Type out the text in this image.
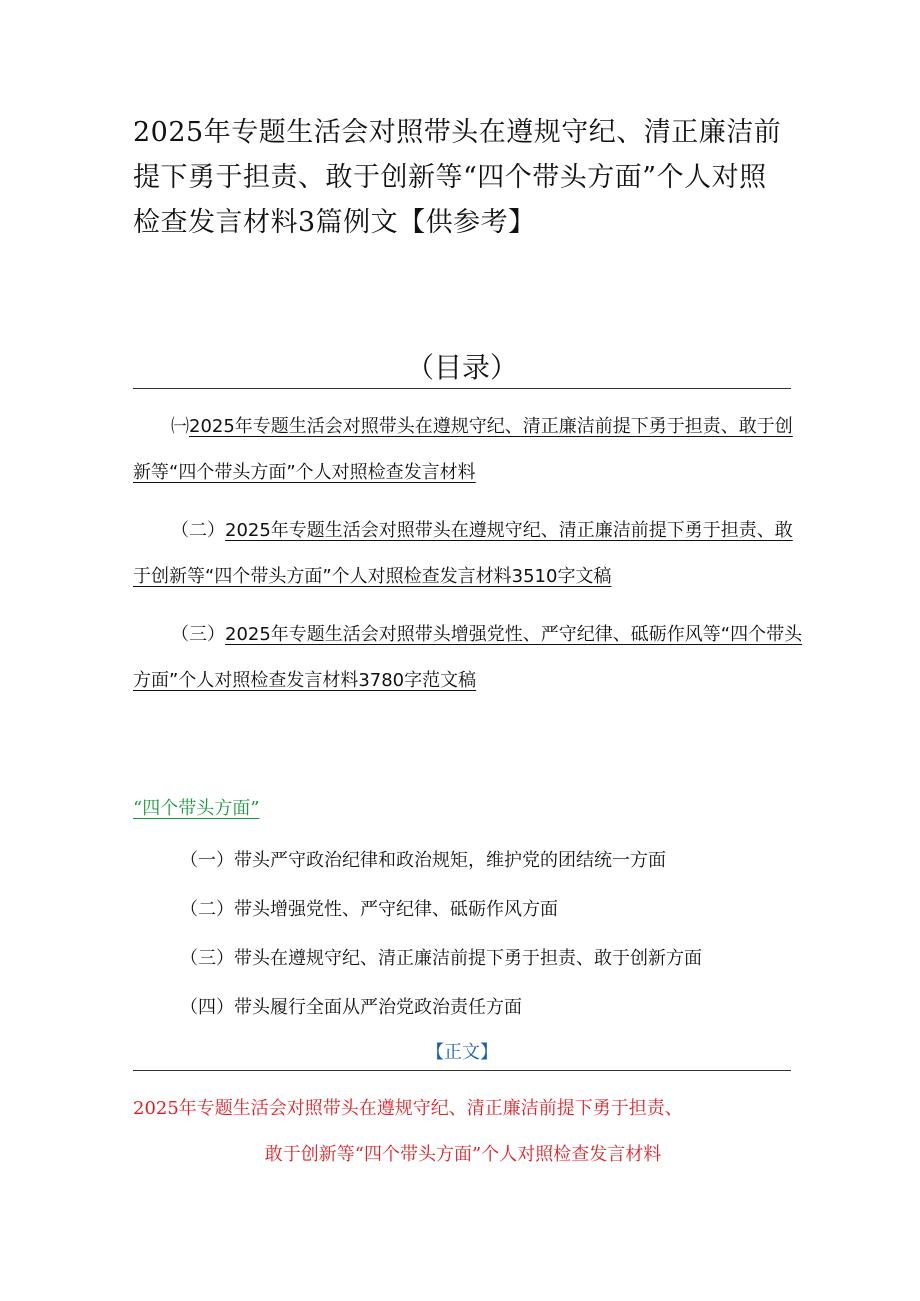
2025年专题生活会对照带头在遵规守纪、清正廉洁前提下勇于担责、敢于创新等“四个带头方面”个人对照检查发言材料3篇例文【供参考】
（目录）
㈠2025年专题生活会对照带头在遵规守纪、清正廉洁前提下勇于担责、敢于创新等“四个带头方面”个人对照检查发言材料
（二）2025年专题生活会对照带头在遵规守纪、清正廉洁前提下勇于担责、敢于创新等“四个带头方面”个人对照检查发言材料3510字文稿
（三）2025年专题生活会对照带头增强党性、严守纪律、砥砺作风等“四个带头方面”个人对照检查发言材料3780字范文稿

“四个带头方面”

（一）带头严守政治纪律和政治规矩，维护党的团结统一方面
（二）带头增强党性、严守纪律、砥砺作风方面
（三）带头在遵规守纪、清正廉洁前提下勇于担责、敢于创新方面
（四）带头履行全面从严治党政治责任方面
【正文】
2025年专题生活会对照带头在遵规守纪、清正廉洁前提下勇于担责、
敢于创新等“四个带头方面”个人对照检查发言材料
